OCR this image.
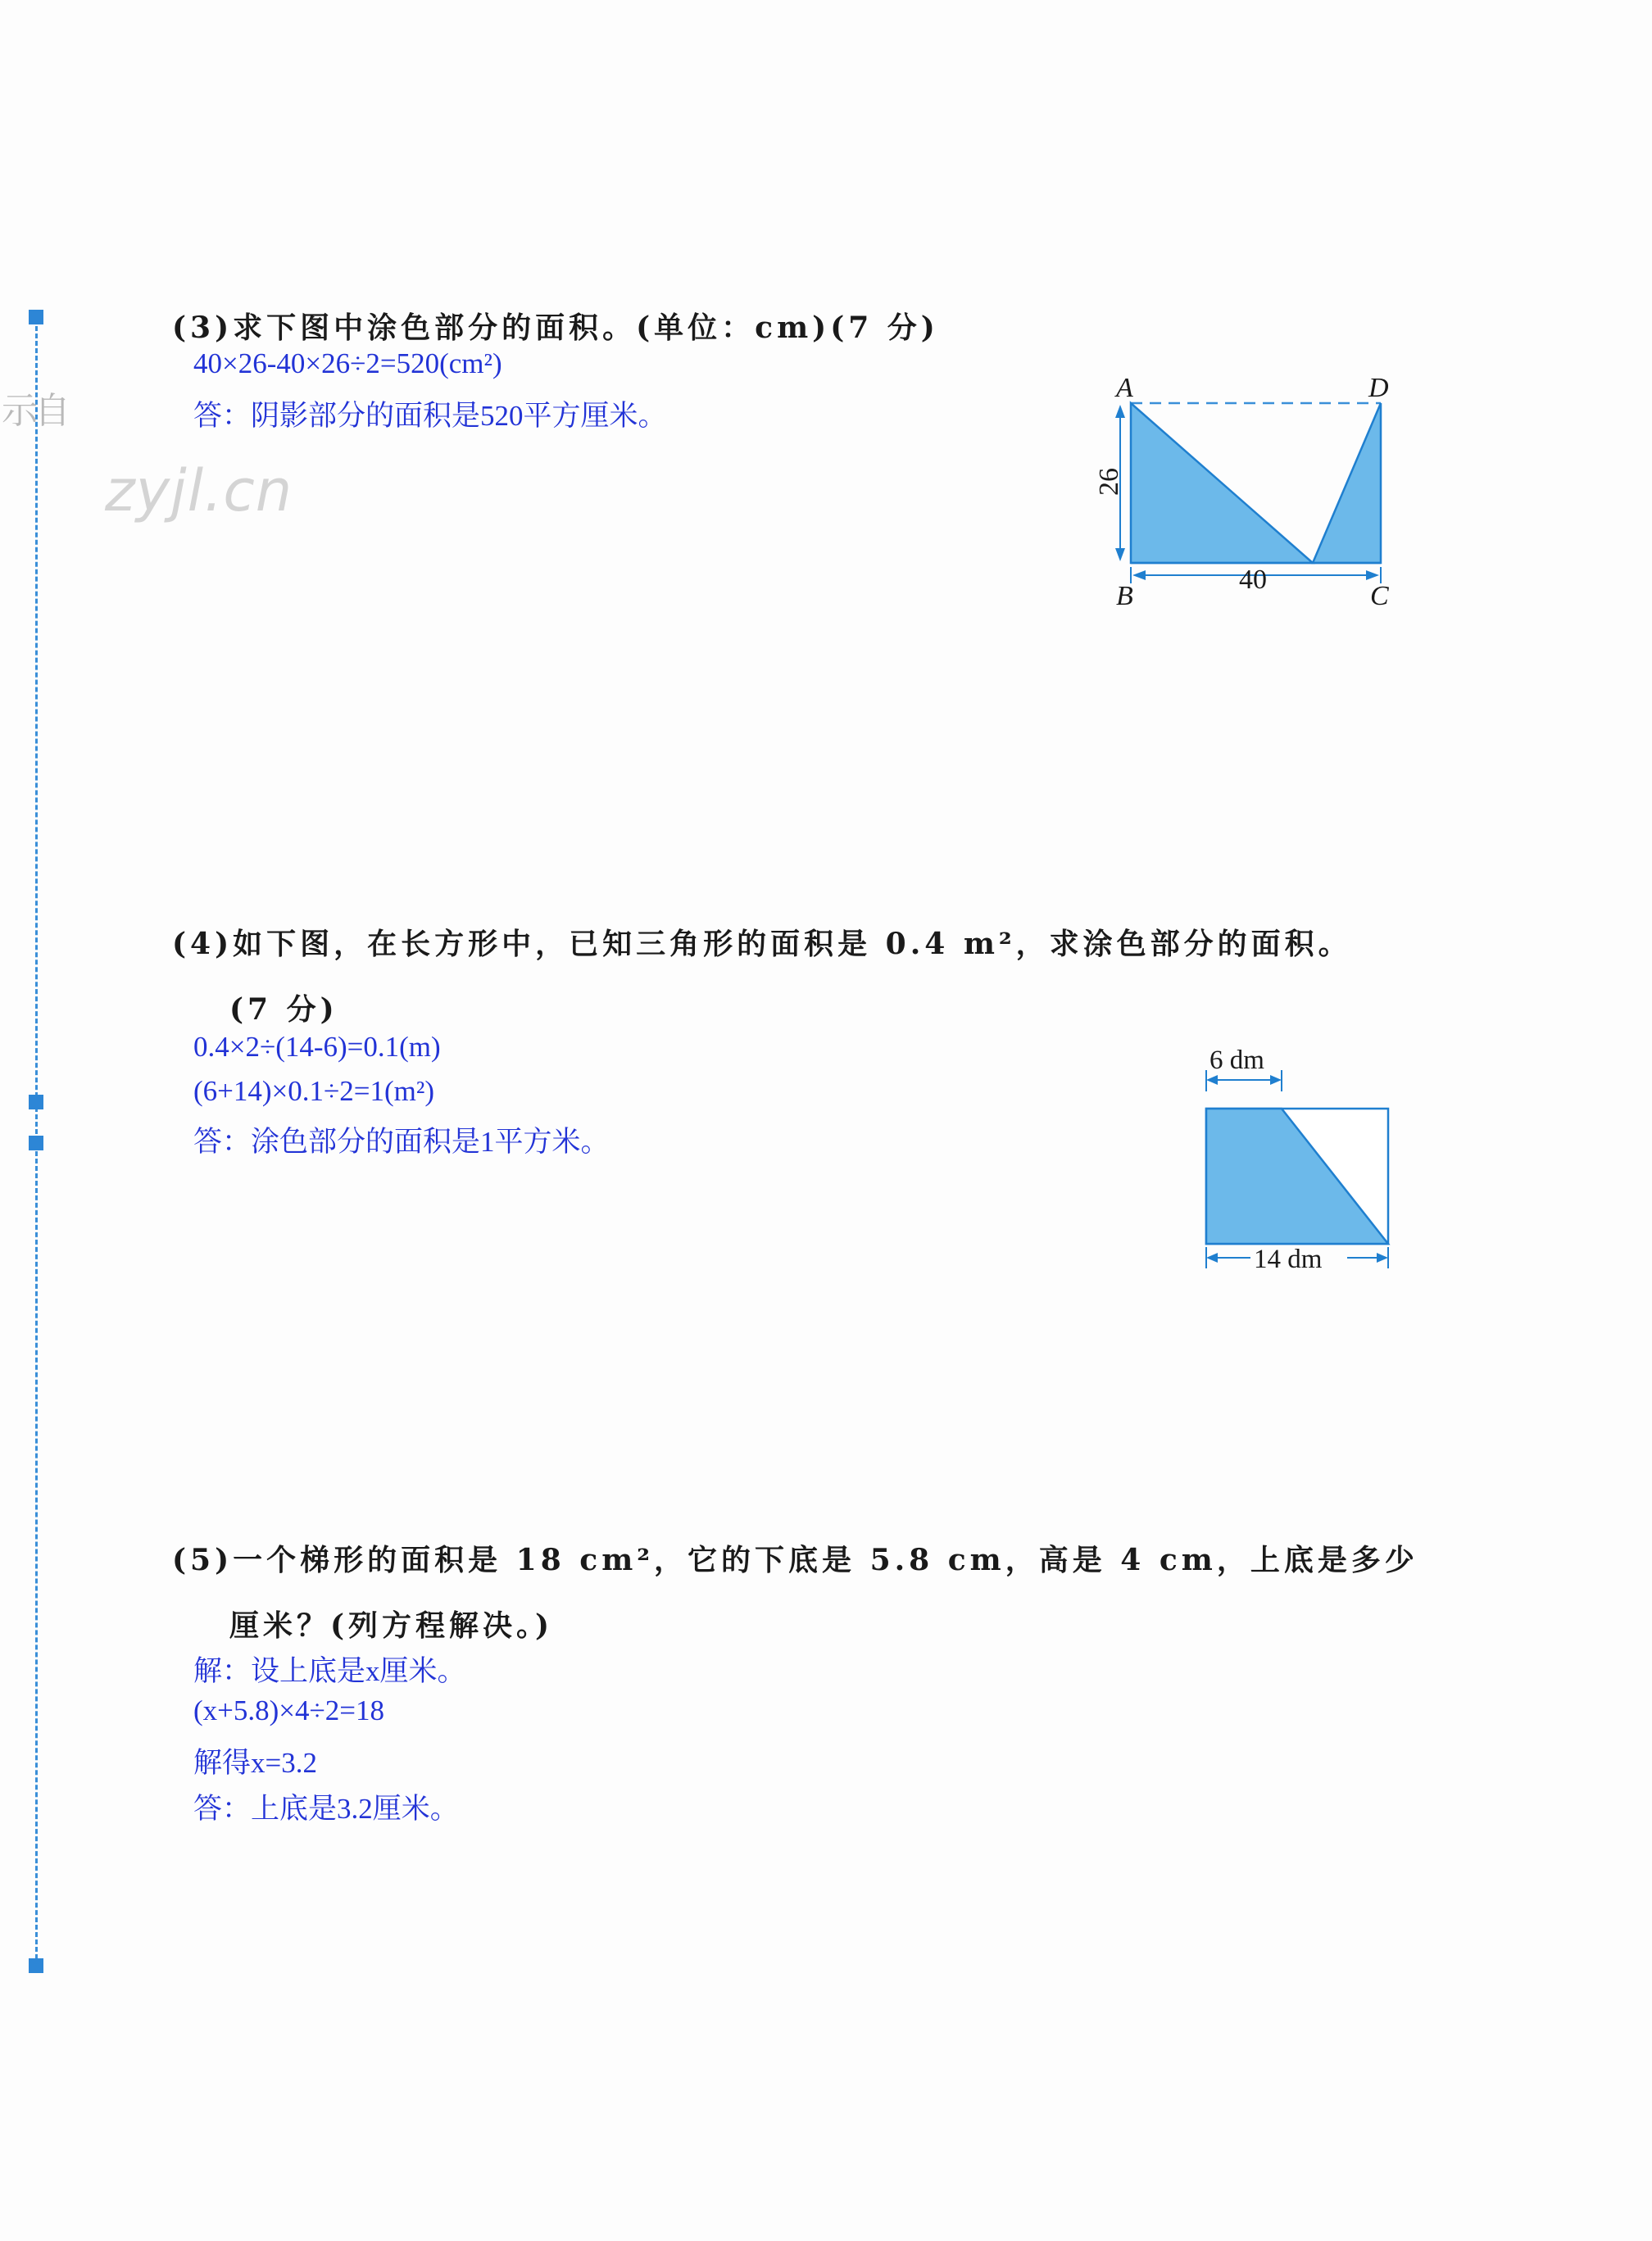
示自
zyjl.cn
(3)求下图中涂色部分的面积。(单位：cm)(7 分)
40×26-40×26÷2=520(cm²)
答：阴影部分的面积是520平方厘米。
A	D
B	C
26
40
(4)如下图，在长方形中，已知三角形的面积是 0.4 m²，求涂色部分的面积。
(7 分)
0.4×2÷(14-6)=0.1(m)
(6+14)×0.1÷2=1(m²)
答：涂色部分的面积是1平方米。
6 dm
14 dm
(5)一个梯形的面积是 18 cm²，它的下底是 5.8 cm，高是 4 cm，上底是多少
厘米？(列方程解决。)
解：设上底是x厘米。
(x+5.8)×4÷2=18
解得x=3.2
答：上底是3.2厘米。
